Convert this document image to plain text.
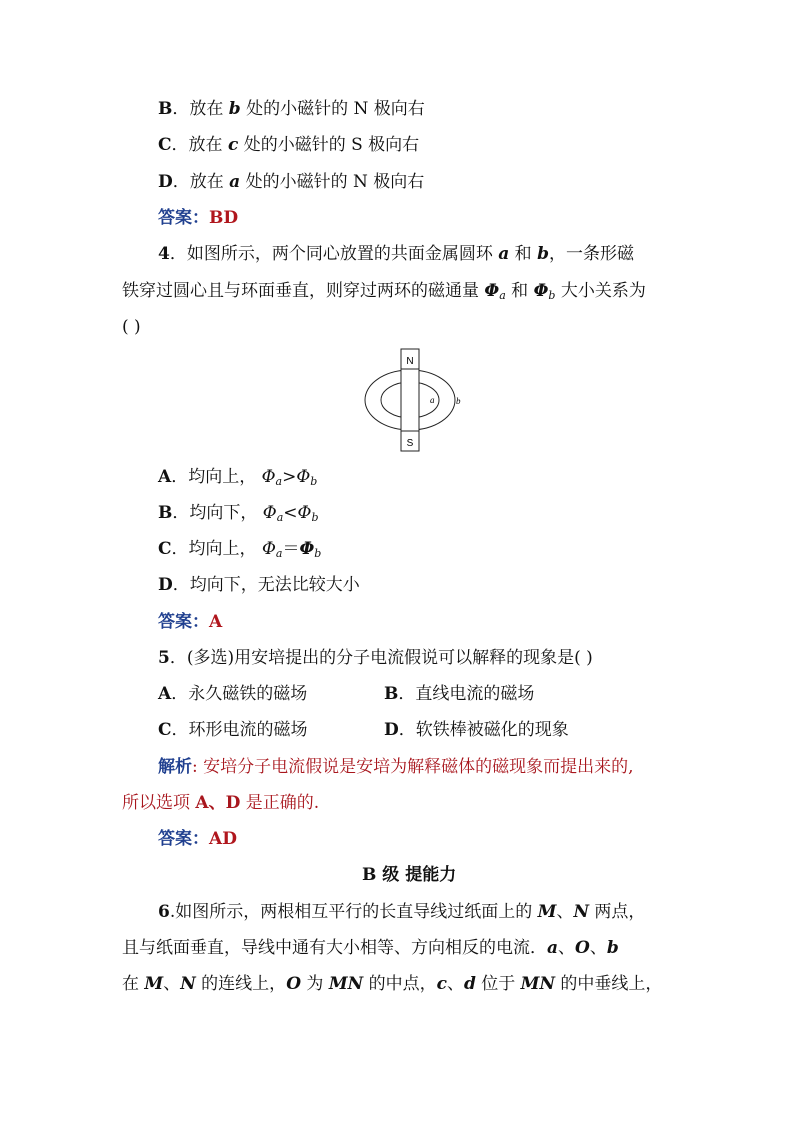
B．放在 b 处的小磁针的 N 极向右
C．放在 c 处的小磁针的 S 极向右
D．放在 a 处的小磁针的 N 极向右
答案：BD
4．如图所示，两个同心放置的共面金属圆环 a 和 b，一条形磁
铁穿过圆心且与环面垂直，则穿过两环的磁通量 $\Phi_a$ 和 $\Phi_b$ 大小关系为
( )
N
S
a b
A．均向上， $\Phi_a>\Phi_b$
B．均向下， $\Phi_a<\Phi_b$
C．均向上， $\Phi_a=\Phi_b$
D．均向下，无法比较大小
答案：A
5．(多选)用安培提出的分子电流假说可以解释的现象是( )
A．永久磁铁的磁场	B．直线电流的磁场
C．环形电流的磁场	D．软铁棒被磁化的现象
解析: 安培分子电流假说是安培为解释磁体的磁现象而提出来的,
所以选项 A、D 是正确的.
答案：AD
B 级 提能力
6.如图所示，两根相互平行的长直导线过纸面上的 M、N 两点，
且与纸面垂直，导线中通有大小相等、方向相反的电流．a、O、b
在 M、N 的连线上，O 为 MN 的中点，c、d 位于 MN 的中垂线上，
